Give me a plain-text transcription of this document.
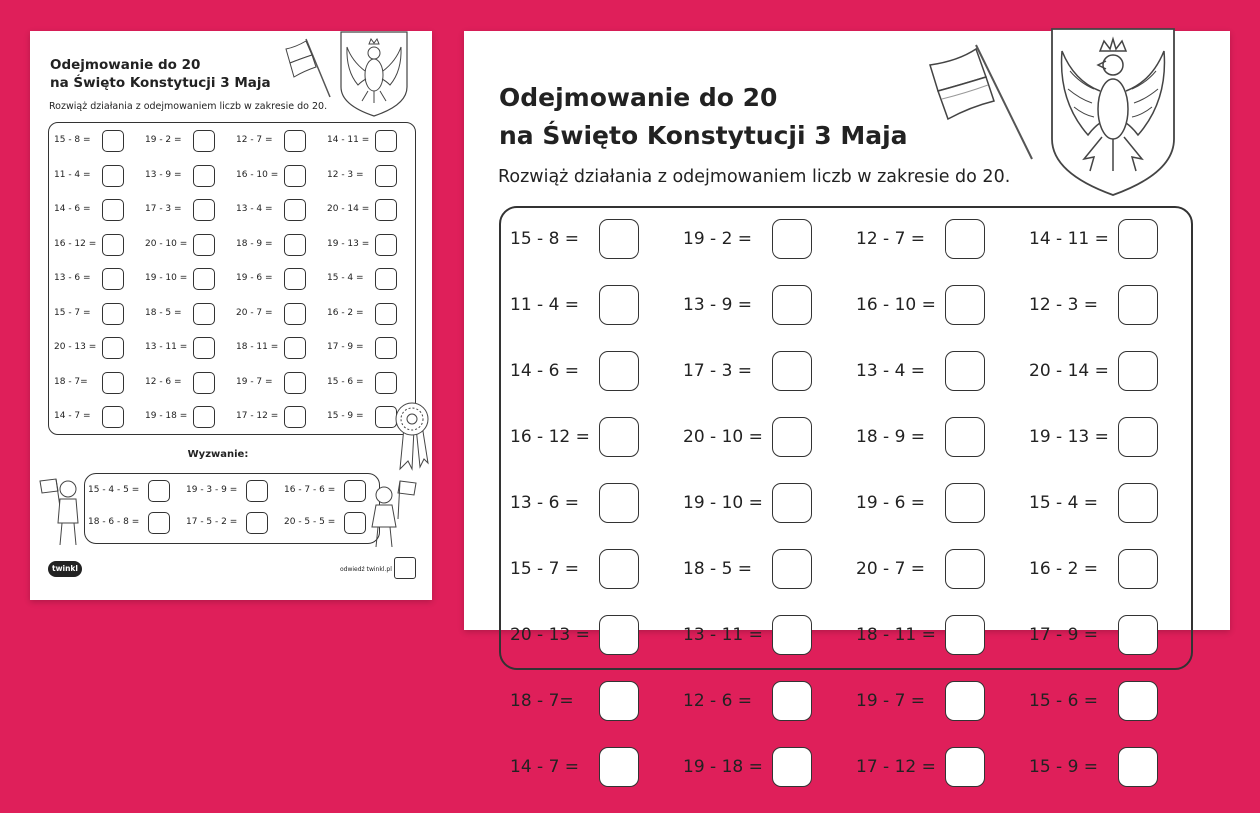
Odejmowanie do 20
na Święto Konstytucji 3 Maja
Rozwiąż działania z odejmowaniem liczb w zakresie do 20.
15 - 8 =	19 - 2 =	12 - 7 =	14 - 11 =
11 - 4 =	13 - 9 =	16 - 10 =	12 - 3 =
14 - 6 =	17 - 3 =	13 - 4 =	20 - 14 =
16 - 12 =	20 - 10 =	18 - 9 =	19 - 13 =
13 - 6 =	19 - 10 =	19 - 6 =	15 - 4 =
15 - 7 =	18 - 5 =	20 - 7 =	16 - 2 =
20 - 13 =	13 - 11 =	18 - 11 =	17 - 9 =
18 - 7=	12 - 6 =	19 - 7 =	15 - 6 =
14 - 7 =	19 - 18 =	17 - 12 =	15 - 9 =
Wyzwanie:
15 - 4 - 5 =	19 - 3 - 9 =	16 - 7 - 6 =
18 - 6 - 8 =	17 - 5 - 2 =	20 - 5 - 5 =
twinkl	odwiedź twinkl.pl
Odejmowanie do 20
na Święto Konstytucji 3 Maja
Rozwiąż działania z odejmowaniem liczb w zakresie do 20.
15 - 8 =	19 - 2 =	12 - 7 =	14 - 11 =
11 - 4 =	13 - 9 =	16 - 10 =	12 - 3 =
14 - 6 =	17 - 3 =	13 - 4 =	20 - 14 =
16 - 12 =	20 - 10 =	18 - 9 =	19 - 13 =
13 - 6 =	19 - 10 =	19 - 6 =	15 - 4 =
15 - 7 =	18 - 5 =	20 - 7 =	16 - 2 =
20 - 13 =	13 - 11 =	18 - 11 =	17 - 9 =
18 - 7=	12 - 6 =	19 - 7 =	15 - 6 =
14 - 7 =	19 - 18 =	17 - 12 =	15 - 9 =
